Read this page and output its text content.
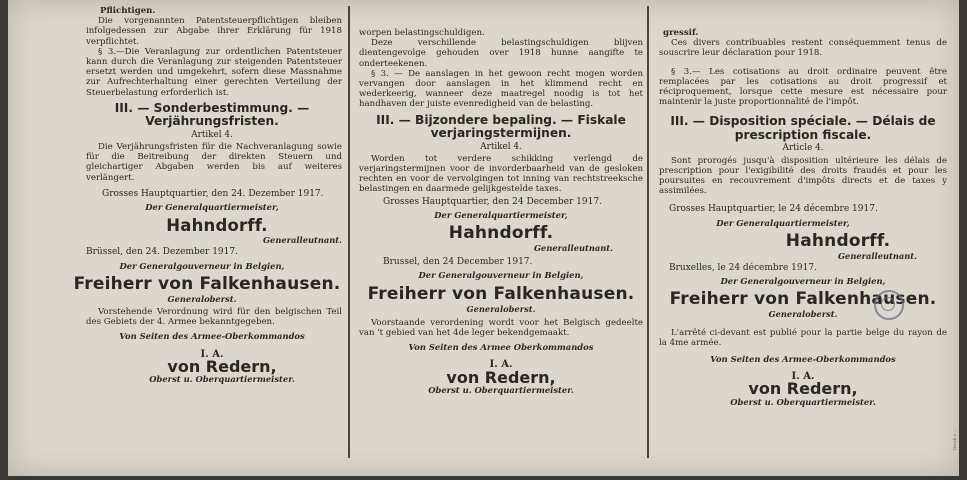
Pflichtigen.

Die vorgenannten Patentsteuerpflichtigen bleiben infolgedessen zur Abgabe ihrer Erklärung für 1918 verpflichtet.

§ 3.—Die Veranlagung zur ordentlichen Patentsteuer kann durch die Veranlagung zur steigenden Patentsteuer ersetzt werden und umgekehrt, sofern diese Massnahme zur Aufrechterhaltung einer gerechten Verteilung der Steuerbelastung erforderlich ist.

III. — Sonderbestimmung. — Verjährungsfristen.

Artikel 4.

Die Verjährungsfristen für die Nachveranlagung sowie für die Beitreibung der direkten Steuern und gleichartiger Abgaben werden bis auf weiteres verlängert.

Grosses Hauptquartier, den 24. Dezember 1917.

Der Generalquartiermeister,

Hahndorff.

Generalleutnant.

Brüssel, den 24. Dezember 1917.

Der Generalgouverneur in Belgien,

Freiherr von Falkenhausen.

Generaloberst.

Vorstehende Verordnung wird für den belgischen Teil des Gebiets der 4. Armee bekanntgegeben.

Von Seiten des Armee-Oberkommandos

I. A.

von Redern,

Oberst u. Oberquartiermeister.

worpen belastingschuldigen.

Deze verschillende belastingschuldigen blijven dientengevolge gehouden over 1918 hunne aangifte te onderteekenen.

§ 3. — De aanslagen in het gewoon recht mogen worden vervangen door aanslagen in het klimmend recht en wederkeerig, wanneer deze maatregel noodig is tot het handhaven der juiste evenredigheid van de belasting.

III. — Bijzondere bepaling. — Fiskale verjaringstermijnen.

Artikel 4.

Worden tot verdere schikking verlengd de verjaringstermijnen voor de invorderbaarheid van de gesloken rechten en voor de vervolgingen tot inning van rechtstreeksche belastingen en daarmede gelijkgestelde taxes.

Grosses Hauptquartier, den 24 December 1917.

Der Generalquartiermeister,

Hahndorff.

Generalleutnant.

Brussel, den 24 December 1917.

Der Generalgouverneur in Belgien,

Freiherr von Falkenhausen.

Generaloberst.

Voorstaande verordening wordt voor het Belgisch gedeelte van 't gebied van het 4de leger bekendgemaakt.

Von Seiten des Armee Oberkommandos

I. A.

von Redern,

Oberst u. Oberquartiermeister.

gressif.

Ces divers contribuables restent conséquemment tenus de souscrire leur déclaration pour 1918.

§ 3.— Les cotisations au droit ordinaire peuvent être remplacées par les cotisations au droit progressif et réciproquement, lorsque cette mesure est nécessaire pour maintenir la juste proportionnalité de l'impôt.

III. — Disposition spéciale. — Délais de prescription fiscale.

Article 4.

Sont prorogés jusqu'à disposition ultérieure les délais de prescription pour l'exigibilité des droits fraudés et pour les poursuites en recouvrement d'impôts directs et de taxes y assimilées.

Grosses Hauptquartier, le 24 décembre 1917.

Der Generalquartiermeister,

Hahndorff.

Generalleutnant.

Bruxelles, le 24 décembre 1917.

Der Generalgouverneur in Belgien,

Freiherr von Falkenhausen.

Generaloberst.

L'arrêté ci-devant est publié pour la partie belge du rayon de la 4me armée.

Von Seiten des Armee-Oberkommandos

I. A.

von Redern,

Oberst u. Oberquartiermeister.

Druck v. ...
